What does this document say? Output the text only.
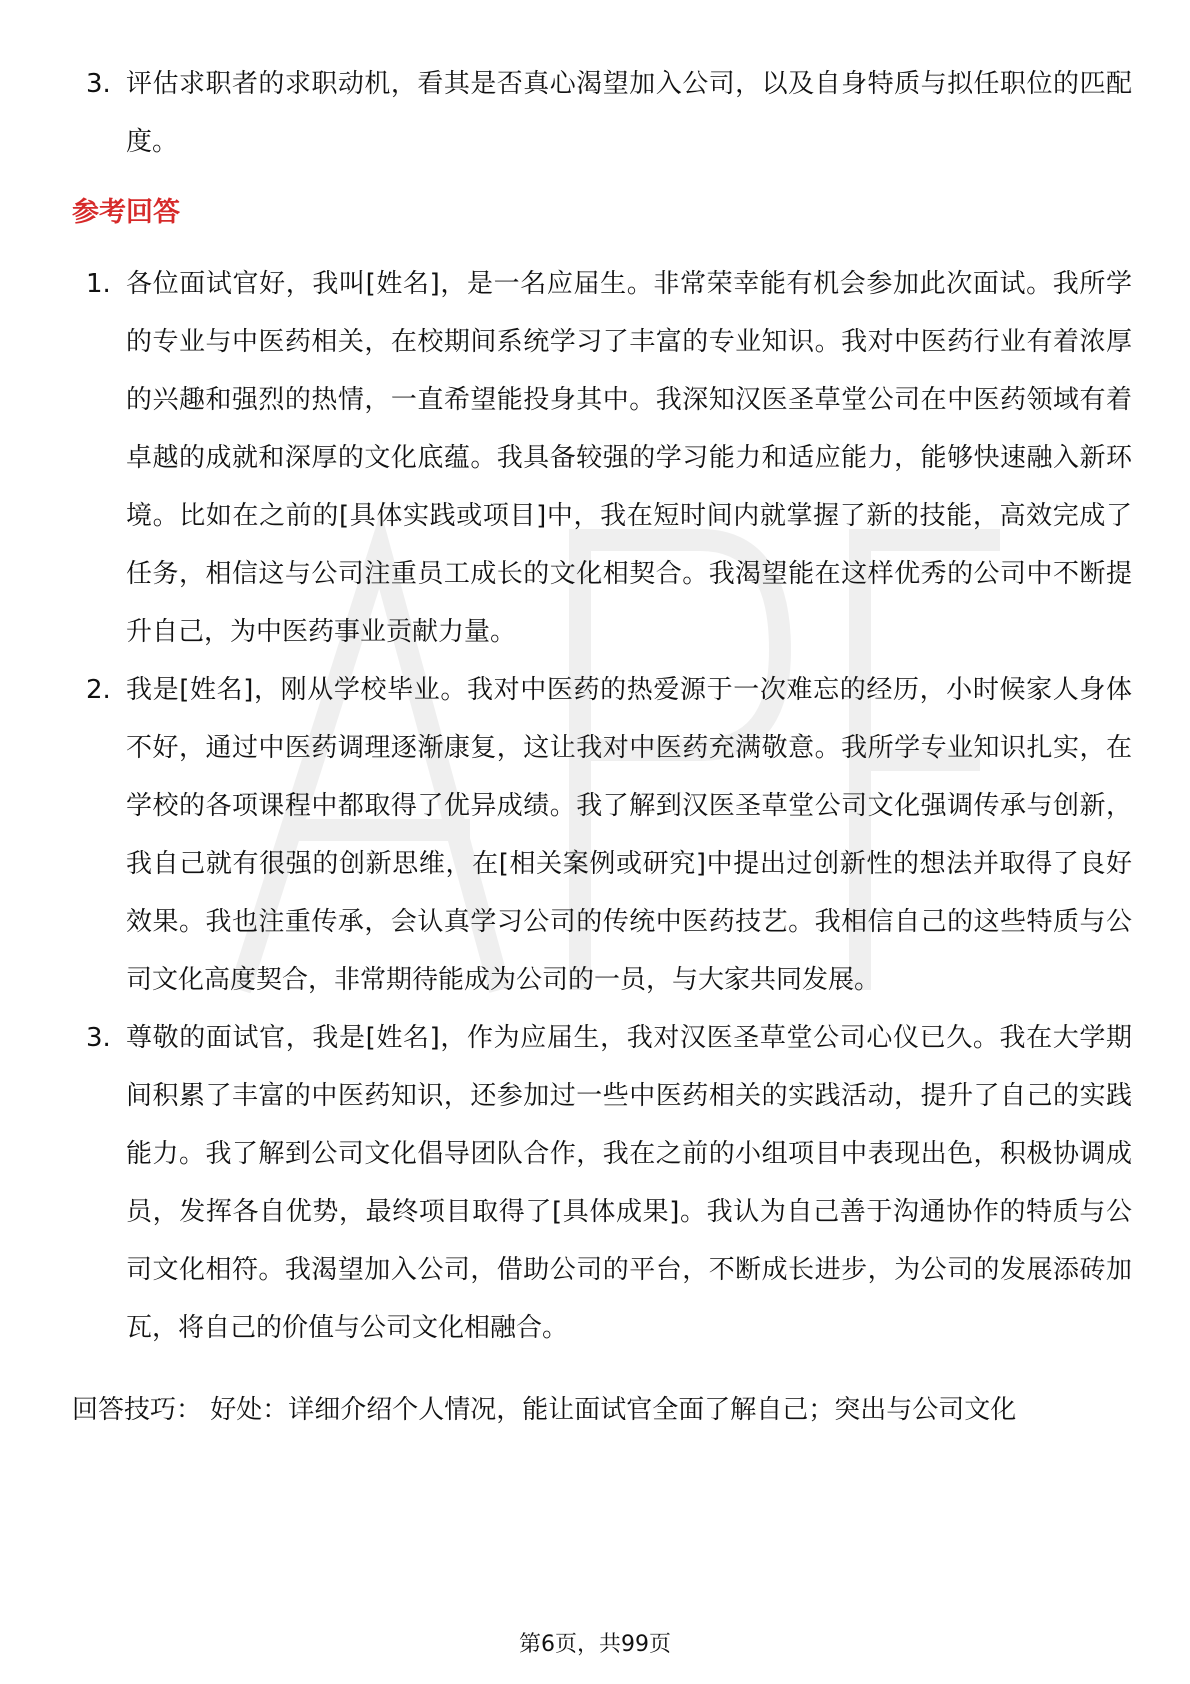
3. 评估求职者的求职动机，看其是否真心渴望加入公司，以及自身特质与拟任职位的匹配度。
参考回答
1. 各位面试官好，我叫[姓名]，是一名应届生。非常荣幸能有机会参加此次面试。我所学的专业与中医药相关，在校期间系统学习了丰富的专业知识。我对中医药行业有着浓厚的兴趣和强烈的热情，一直希望能投身其中。我深知汉医圣草堂公司在中医药领域有着卓越的成就和深厚的文化底蕴。我具备较强的学习能力和适应能力，能够快速融入新环境。比如在之前的[具体实践或项目]中，我在短时间内就掌握了新的技能，高效完成了任务，相信这与公司注重员工成长的文化相契合。我渴望能在这样优秀的公司中不断提升自己，为中医药事业贡献力量。
2. 我是[姓名]，刚从学校毕业。我对中医药的热爱源于一次难忘的经历，小时候家人身体不好，通过中医药调理逐渐康复，这让我对中医药充满敬意。我所学专业知识扎实，在学校的各项课程中都取得了优异成绩。我了解到汉医圣草堂公司文化强调传承与创新，我自己就有很强的创新思维，在[相关案例或研究]中提出过创新性的想法并取得了良好效果。我也注重传承，会认真学习公司的传统中医药技艺。我相信自己的这些特质与公司文化高度契合，非常期待能成为公司的一员，与大家共同发展。
3. 尊敬的面试官，我是[姓名]，作为应届生，我对汉医圣草堂公司心仪已久。我在大学期间积累了丰富的中医药知识，还参加过一些中医药相关的实践活动，提升了自己的实践能力。我了解到公司文化倡导团队合作，我在之前的小组项目中表现出色，积极协调成员，发挥各自优势，最终项目取得了[具体成果]。我认为自己善于沟通协作的特质与公司文化相符。我渴望加入公司，借助公司的平台，不断成长进步，为公司的发展添砖加瓦，将自己的价值与公司文化相融合。
回答技巧： 好处：详细介绍个人情况，能让面试官全面了解自己；突出与公司文化
第6页，共99页
